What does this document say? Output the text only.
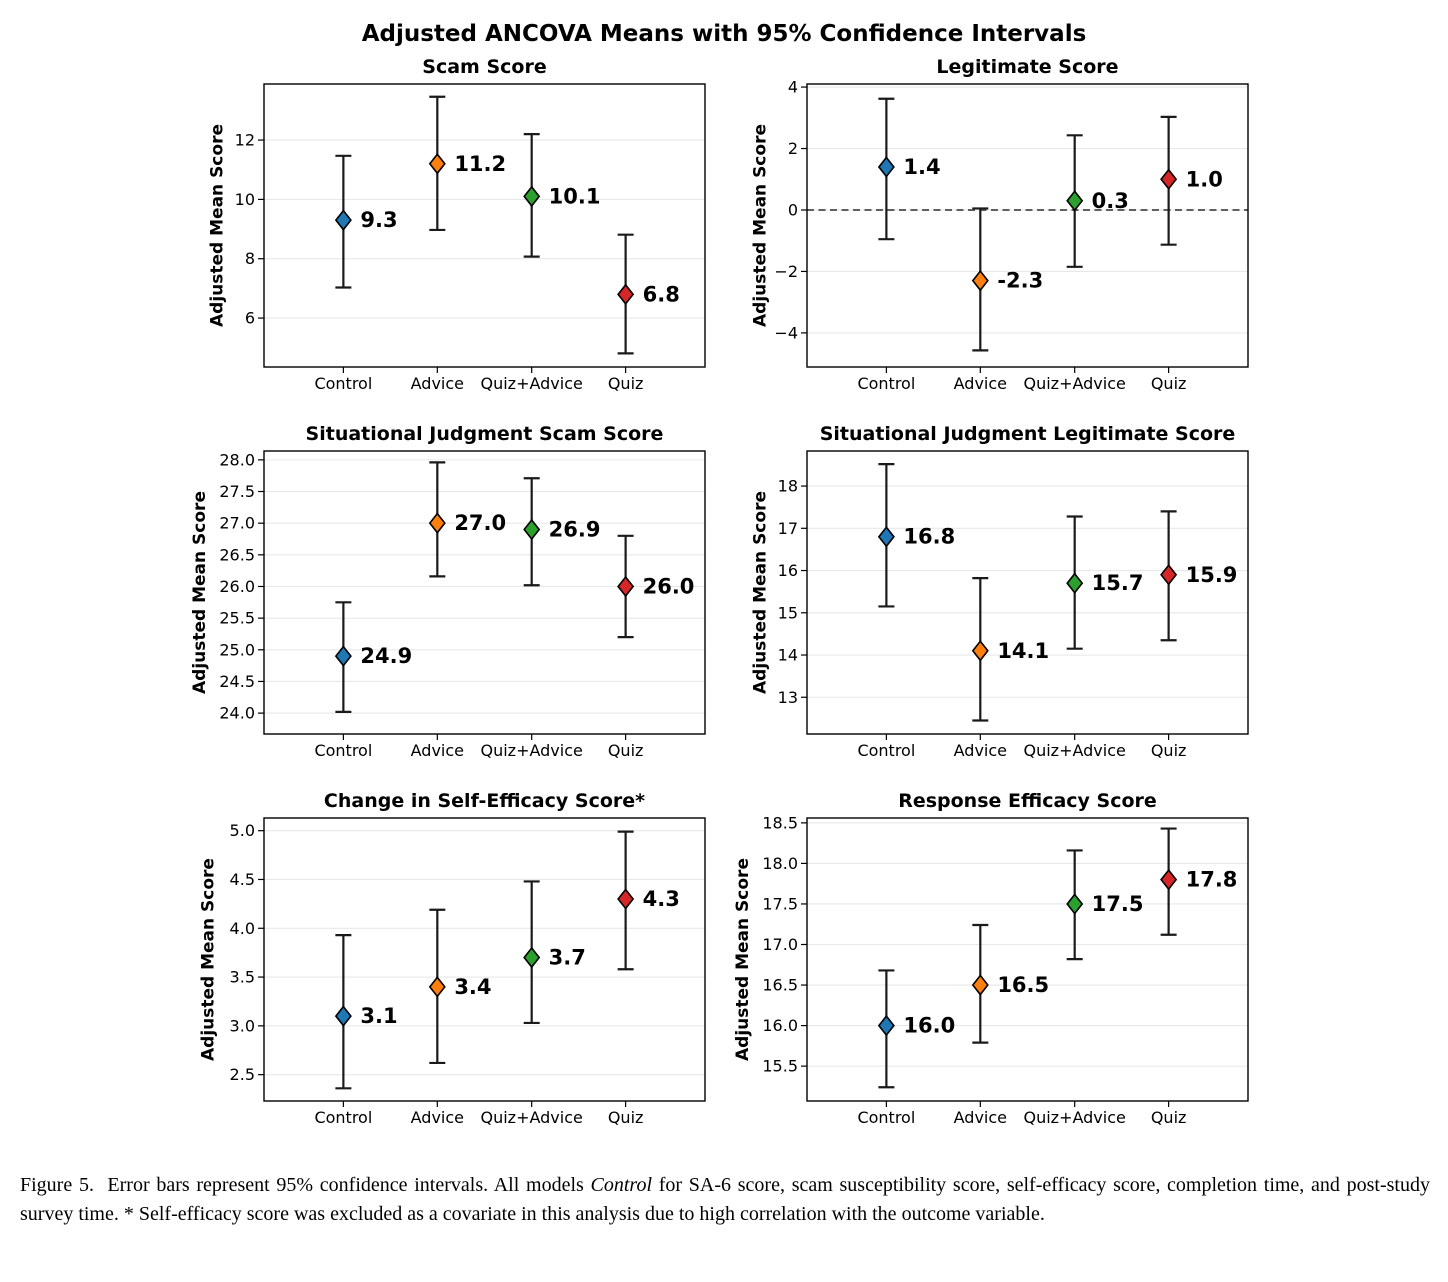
Adjusted ANCOVA Means with 95% Confidence Intervals
9.3
11.2
10.1
6.8
6
8
10
12
Control Advice Quiz+Advice Quiz
Scam Score
Adjusted Mean Score	1.4
-2.3
0.3
1.0
−4
−2
0
2
4
Control Advice Quiz+Advice Quiz
Legitimate Score
Adjusted Mean Score
24.9
27.0 26.9
26.0
24.0
24.5
25.0
25.5
26.0
26.5
27.0
27.5
28.0
Control Advice Quiz+Advice Quiz
Situational Judgment Scam Score
Adjusted Mean Score	16.8
14.1
15.7 15.9
13
14
15
16
17
18
Control Advice Quiz+Advice Quiz
Situational Judgment Legitimate Score
Adjusted Mean Score
3.1
3.4
3.7
4.3
2.5
3.0
3.5
4.0
4.5
5.0
Control Advice Quiz+Advice Quiz
Change in Self-Efficacy Score*
Adjusted Mean Score	16.0
16.5
17.5
17.8
15.5
16.0
16.5
17.0
17.5
18.0
18.5
Control Advice Quiz+Advice Quiz
Response Efficacy Score
Adjusted Mean Score
Figure 5.  Error bars represent 95% confidence intervals. All models Control for SA-6 score, scam susceptibility score, self-efficacy score, completion time, and post-study survey time. * Self-efficacy score was excluded as a covariate in this analysis due to high correlation with the outcome variable.
